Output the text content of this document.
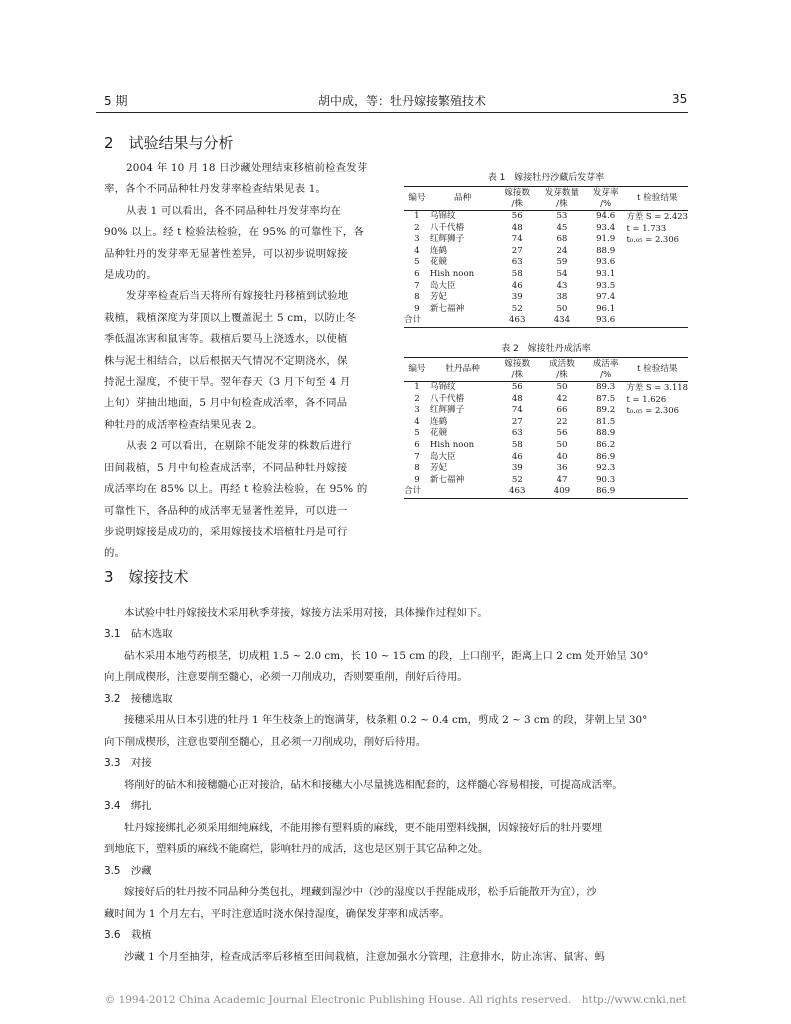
5 期	胡中成，等：牡丹嫁接繁殖技术	35
2　试验结果与分析
2004 年 10 月 18 日沙藏处理结束移植前检查发芽
率，各个不同品种牡丹发芽率检查结果见表 1。
从表 1 可以看出，各不同品种牡丹发芽率均在
90% 以上。经 t 检验法检验，在 95% 的可靠性下，各
品种牡丹的发芽率无显著性差异，可以初步说明嫁接
是成功的。
发芽率检查后当天将所有嫁接牡丹移植到试验地
栽植，栽植深度为芽顶以上覆盖泥土 5 cm，以防止冬
季低温冻害和鼠害等。栽植后要马上浇透水，以使植
株与泥土相结合，以后根据天气情况不定期浇水，保
持泥土湿度，不使干旱。翌年春天（3 月下旬至 4 月
上旬）芽抽出地面，5 月中旬检查成活率，各不同品
种牡丹的成活率检查结果见表 2。
从表 2 可以看出，在剔除不能发芽的株数后进行
田间栽植，5 月中旬检查成活率，不同品种牡丹嫁接
成活率均在 85% 以上。再经 t 检验法检验，在 95% 的
可靠性下，各品种的成活率无显著性差异，可以进一
步说明嫁接是成功的，采用嫁接技术培植牡丹是可行
的。
表 1　嫁接牡丹沙藏后发芽率
编号	品种	嫁接数
/株	发芽数量
/株	发芽率
/%	t 检验结果
1	乌锦纹	56	53	94.6	方差 S = 2.423
t = 1.733
t₀.₀₅ = 2.306

2	八千代樁	48	45	93.4	
3	红辉狮子	74	68	91.9	
4	连鹤	27	24	88.9	
5	花競	63	59	93.6	
6	Hish noon	58	54	93.1	
7	岛大臣	46	43	93.5	
8	芳妃	39	38	97.4	
9	新七福神	52	50	96.1	
合计		463	434	93.6	
表 2　嫁接牡丹成活率
编号	牡丹品种	嫁接数
/株	成活数
/株	成活率
/%	t 检验结果
1	乌锦纹	56	50	89.3	方差 S = 3.118
t = 1.626
t₀.₀₅ = 2.306

2	八千代樁	48	42	87.5	
3	红辉狮子	74	66	89.2	
4	连鹤	27	22	81.5	
5	花競	63	56	88.9	
6	Hish noon	58	50	86.2	
7	岛大臣	46	40	86.9	
8	芳妃	39	36	92.3	
9	新七福神	52	47	90.3	
合计		463	409	86.9	
3　嫁接技术
本试验中牡丹嫁接技术采用秋季芽接，嫁接方法采用对接，具体操作过程如下。
3.1　砧木选取
砧木采用本地芍药根茎，切成粗 1.5 ~ 2.0 cm，长 10 ~ 15 cm 的段，上口削平，距离上口 2 cm 处开始呈 30°
向上削成楔形，注意要削至髓心，必须一刀削成功，否则要重削，削好后待用。
3.2　接穗选取
接穗采用从日本引进的牡丹 1 年生枝条上的饱满芽，枝条粗 0.2 ~ 0.4 cm，剪成 2 ~ 3 cm 的段，芽朝上呈 30°
向下削成楔形，注意也要削至髓心，且必须一刀削成功，削好后待用。
3.3　对接
将削好的砧木和接穗髓心正对接洽，砧木和接穗大小尽量挑选相配套的，这样髓心容易相接，可提高成活率。
3.4　绑扎
牡丹嫁接绑扎必须采用细纯麻线，不能用掺有塑料质的麻线，更不能用塑料线捆，因嫁接好后的牡丹要埋
到地底下，塑料质的麻线不能腐烂，影响牡丹的成活，这也是区别于其它品种之处。
3.5　沙藏
嫁接好后的牡丹按不同品种分类包扎，埋藏到湿沙中（沙的湿度以手捏能成形，松手后能散开为宜），沙
藏时间为 1 个月左右，平时注意适时浇水保持湿度，确保发芽率和成活率。
3.6　栽植
沙藏 1 个月至抽芽，检查成活率后移植至田间栽植，注意加强水分管理，注意排水，防止冻害、鼠害、蚂
© 1994-2012 China Academic Journal Electronic Publishing House. All rights reserved.　http://www.cnki.net
